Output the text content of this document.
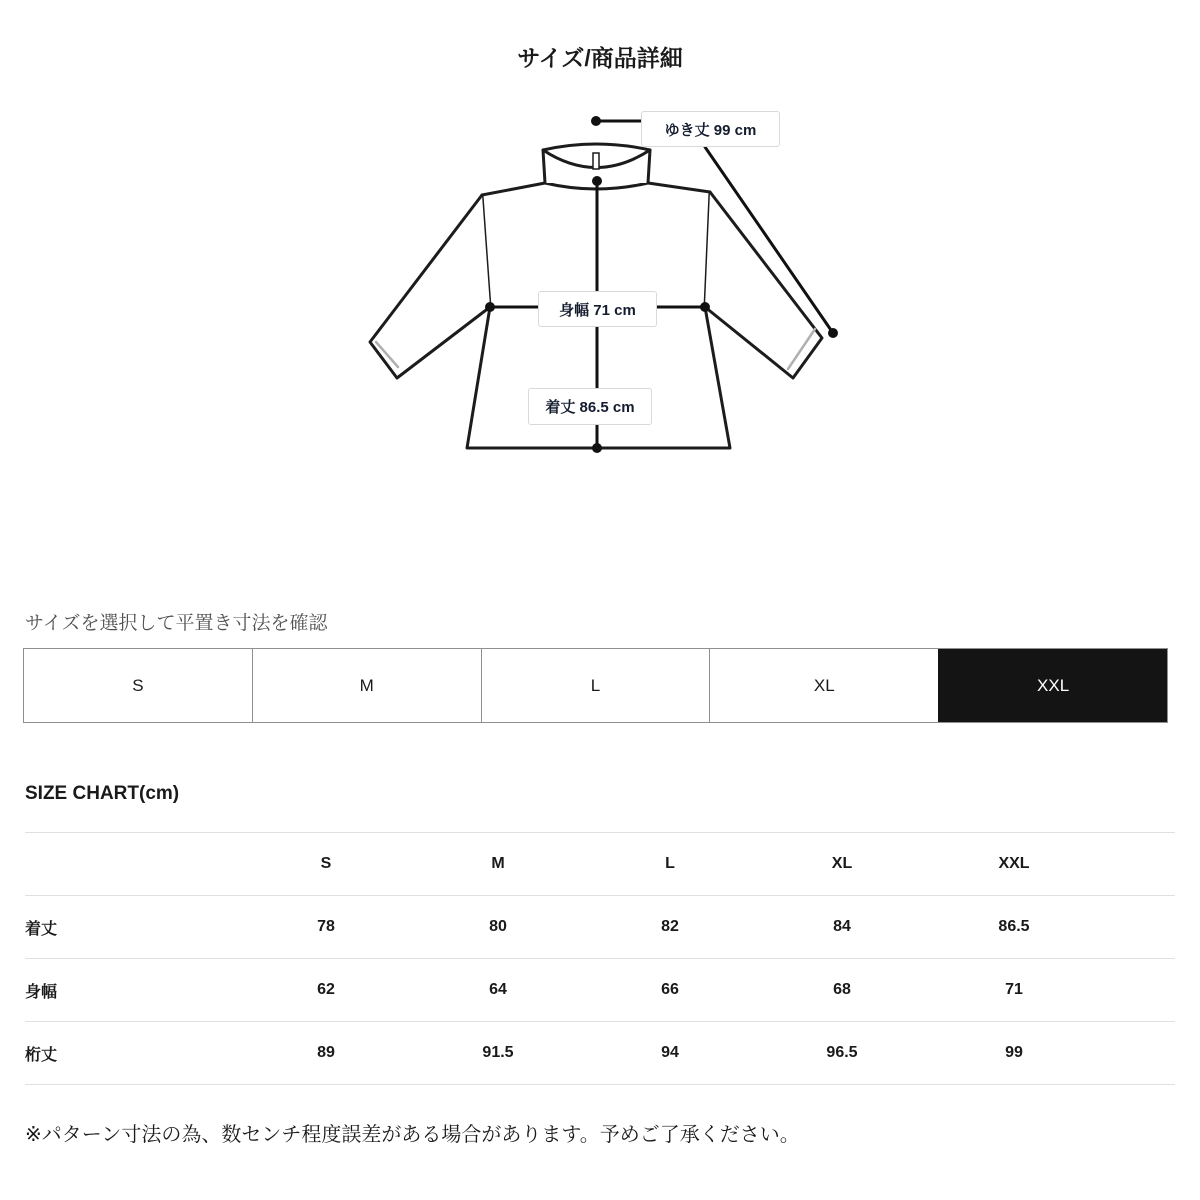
サイズ/商品詳細
ゆき丈 99 cm
身幅 71 cm
着丈 86.5 cm
サイズを選択して平置き寸法を確認
S	M	L	XL	XXL
SIZE CHART(cm)
	S	M	L	XL	XXL	
着丈	78	80	82	84	86.5	
身幅	62	64	66	68	71	
桁丈	89	91.5	94	96.5	99	
※パターン寸法の為、数センチ程度誤差がある場合があります。予めご了承ください。
